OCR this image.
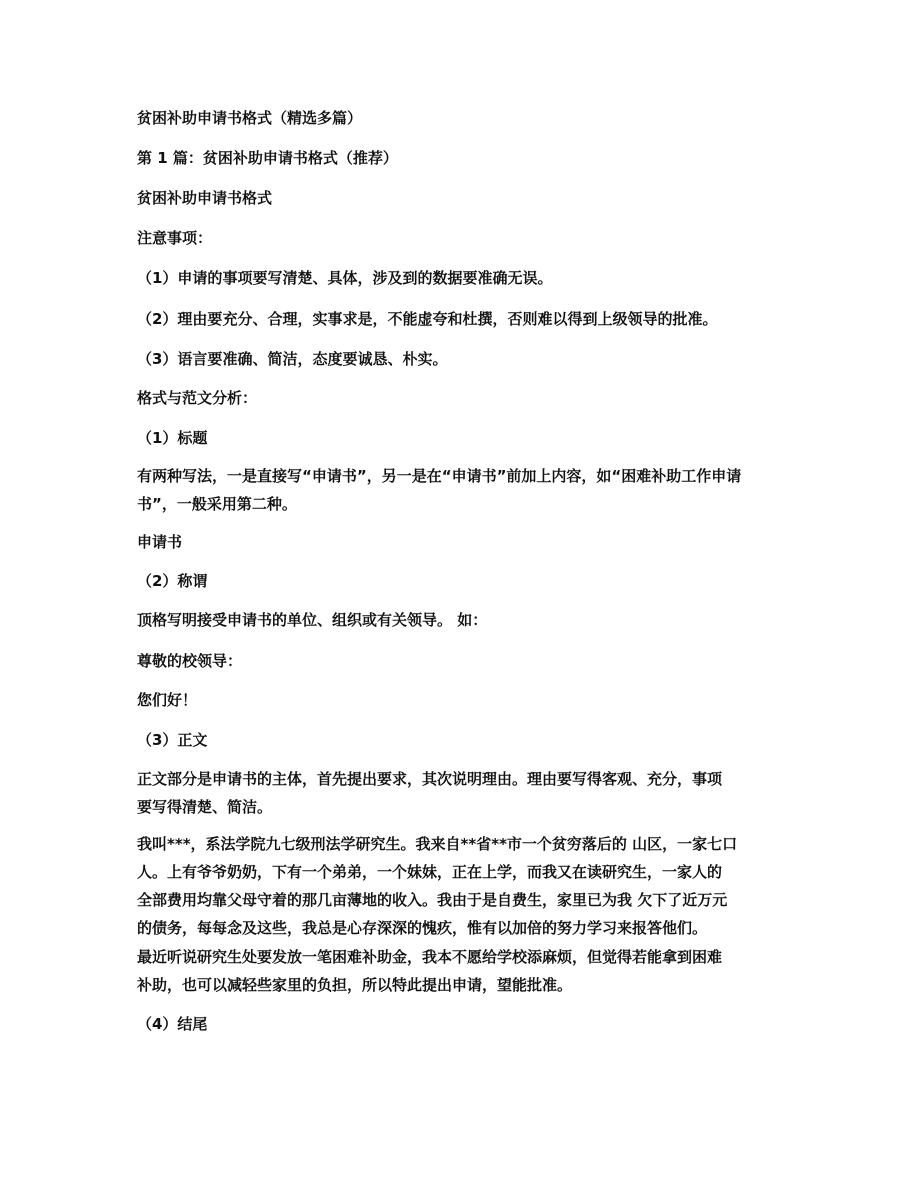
贫困补助申请书格式（精选多篇）
第 1 篇：贫困补助申请书格式（推荐）
贫困补助申请书格式
注意事项：
（1）申请的事项要写清楚、具体，涉及到的数据要准确无误。
（2）理由要充分、合理，实事求是，不能虚夸和杜撰，否则难以得到上级领导的批准。
（3）语言要准确、简洁，态度要诚恳、朴实。
格式与范文分析：
（1）标题
有两种写法，一是直接写“申请书”，另一是在“申请书”前加上内容，如“困难补助工作申请
书”，一般采用第二种。
申请书
（2）称谓
顶格写明接受申请书的单位、组织或有关领导。 如：
尊敬的校领导：
您们好！
（3）正文
正文部分是申请书的主体，首先提出要求，其次说明理由。理由要写得客观、充分，事项
要写得清楚、简洁。
我叫***，系法学院九七级刑法学研究生。我来自**省**市一个贫穷落后的 山区，一家七口
人。上有爷爷奶奶，下有一个弟弟，一个妹妹，正在上学，而我又在读研究生，一家人的
全部费用均靠父母守着的那几亩薄地的收入。我由于是自费生，家里已为我 欠下了近万元
的债务，每每念及这些，我总是心存深深的愧疚，惟有以加倍的努力学习来报答他们。
最近听说研究生处要发放一笔困难补助金，我本不愿给学校添麻烦，但觉得若能拿到困难
补助，也可以减轻些家里的负担，所以特此提出申请，望能批准。
（4）结尾
